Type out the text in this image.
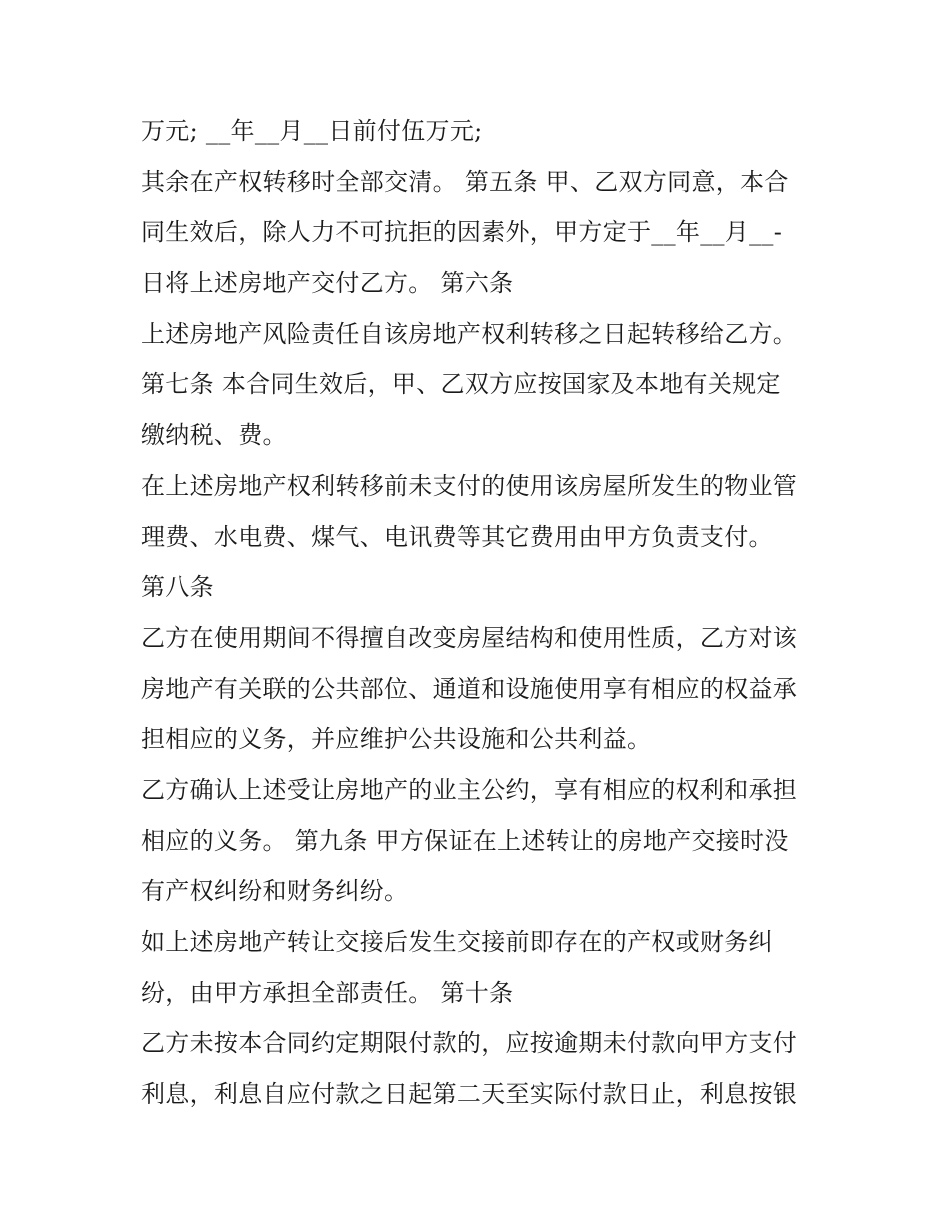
万元; __年__月__日前付伍万元;
其余在产权转移时全部交清。 第五条 甲、乙双方同意，本合
同生效后，除人力不可抗拒的因素外，甲方定于__年__月__-
日将上述房地产交付乙方。 第六条
上述房地产风险责任自该房地产权利转移之日起转移给乙方。
第七条 本合同生效后，甲、乙双方应按国家及本地有关规定
缴纳税、费。
在上述房地产权利转移前未支付的使用该房屋所发生的物业管
理费、水电费、煤气、电讯费等其它费用由甲方负责支付。
第八条
乙方在使用期间不得擅自改变房屋结构和使用性质，乙方对该
房地产有关联的公共部位、通道和设施使用享有相应的权益承
担相应的义务，并应维护公共设施和公共利益。
乙方确认上述受让房地产的业主公约，享有相应的权利和承担
相应的义务。 第九条 甲方保证在上述转让的房地产交接时没
有产权纠纷和财务纠纷。
如上述房地产转让交接后发生交接前即存在的产权或财务纠
纷，由甲方承担全部责任。 第十条
乙方未按本合同约定期限付款的，应按逾期未付款向甲方支付
利息，利息自应付款之日起第二天至实际付款日止，利息按银
